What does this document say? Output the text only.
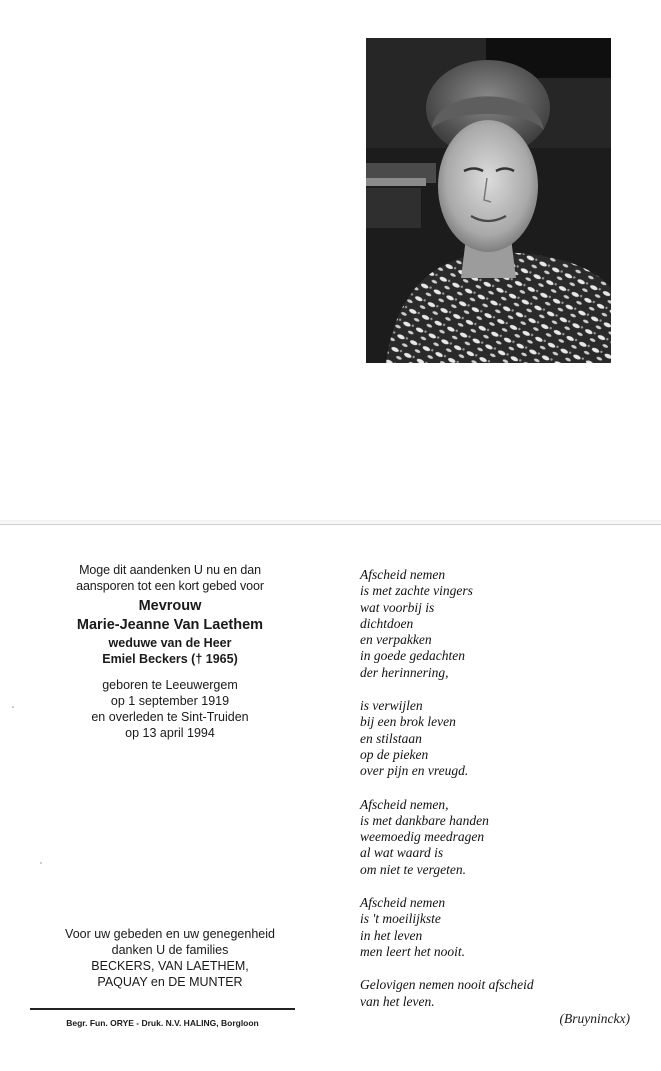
Moge dit aandenken U nu en dan
aansporen tot een kort gebed voor
Mevrouw
Marie-Jeanne Van Laethem
weduwe van de Heer
Emiel Beckers († 1965)
geboren te Leeuwergem
op 1 september 1919
en overleden te Sint-Truiden
op 13 april 1994
Voor uw gebeden en uw genegenheid
danken U de families
BECKERS, VAN LAETHEM,
PAQUAY en DE MUNTER
Begr. Fun. ORYE - Druk. N.V. HALING, Borgloon
Afscheid nemen
is met zachte vingers
wat voorbij is
dichtdoen
en verpakken
in goede gedachten
der herinnering,
is verwijlen
bij een brok leven
en stilstaan
op de pieken
over pijn en vreugd.
Afscheid nemen,
is met dankbare handen
weemoedig meedragen
al wat waard is
om niet te vergeten.
Afscheid nemen
is 't moeilijkste
in het leven
men leert het nooit.
Gelovigen nemen nooit afscheid
van het leven.
(Bruyninckx)
